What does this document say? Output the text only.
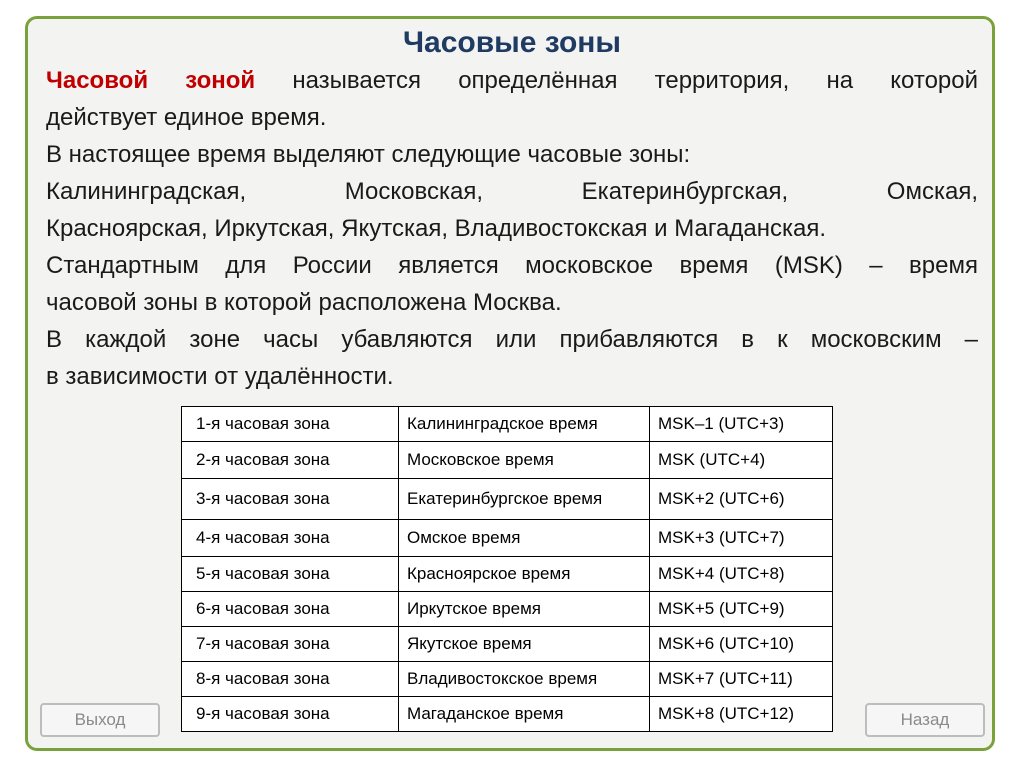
Часовые зоны

Часовой зоной называется определённая территория, на которой

действует единое время.

В настоящее время выделяют следующие часовые зоны:

Калининградская, Московская, Екатеринбургская, Омская,

Красноярская, Иркутская, Якутская, Владивостокская и Магаданская.

Стандартным для России является московское время (MSK) – время

часовой зоны в которой расположена Москва.

В каждой зоне часы убавляются или прибавляются в к московским –

в зависимости от удалённости.

1-я часовая зона	Калининградское время	MSK–1 (UTC+3)
2-я часовая зона	Московское время	MSK (UTC+4)
3-я часовая зона	Екатеринбургское время	MSK+2 (UTC+6)
4-я часовая зона	Омское время	MSK+3 (UTC+7)
5-я часовая зона	Красноярское время	MSK+4 (UTC+8)
6-я часовая зона	Иркутское время	MSK+5 (UTC+9)
7-я часовая зона	Якутское время	MSK+6 (UTC+10)
8-я часовая зона	Владивостокское время	MSK+7 (UTC+11)
9-я часовая зона	Магаданское время	MSK+8 (UTC+12)
Выход	Назад
